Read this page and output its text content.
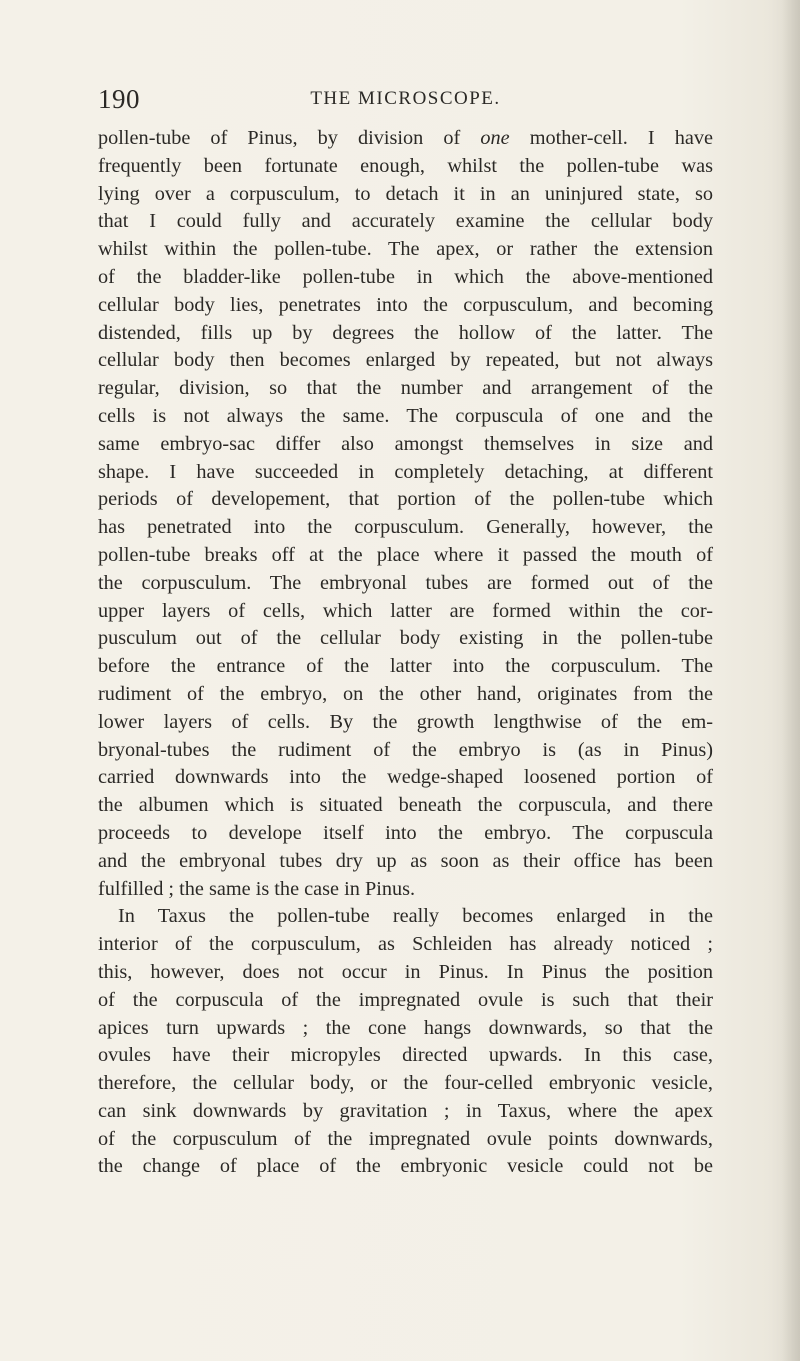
190	THE MICROSCOPE.
pollen-tube of Pinus, by division of one mother-cell. I have
frequently been fortunate enough, whilst the pollen-tube was
lying over a corpusculum, to detach it in an uninjured state, so
that I could fully and accurately examine the cellular body
whilst within the pollen-tube. The apex, or rather the extension
of the bladder-like pollen-tube in which the above-mentioned
cellular body lies, penetrates into the corpusculum, and becoming
distended, fills up by degrees the hollow of the latter. The
cellular body then becomes enlarged by repeated, but not always
regular, division, so that the number and arrangement of the
cells is not always the same. The corpuscula of one and the
same embryo-sac differ also amongst themselves in size and
shape. I have succeeded in completely detaching, at different
periods of developement, that portion of the pollen-tube which
has penetrated into the corpusculum. Generally, however, the
pollen-tube breaks off at the place where it passed the mouth of
the corpusculum. The embryonal tubes are formed out of the
upper layers of cells, which latter are formed within the cor-
pusculum out of the cellular body existing in the pollen-tube
before the entrance of the latter into the corpusculum. The
rudiment of the embryo, on the other hand, originates from the
lower layers of cells. By the growth lengthwise of the em-
bryonal-tubes the rudiment of the embryo is (as in Pinus)
carried downwards into the wedge-shaped loosened portion of
the albumen which is situated beneath the corpuscula, and there
proceeds to develope itself into the embryo. The corpuscula
and the embryonal tubes dry up as soon as their office has been
fulfilled ; the same is the case in Pinus.
In Taxus the pollen-tube really becomes enlarged in the
interior of the corpusculum, as Schleiden has already noticed ;
this, however, does not occur in Pinus. In Pinus the position
of the corpuscula of the impregnated ovule is such that their
apices turn upwards ; the cone hangs downwards, so that the
ovules have their micropyles directed upwards. In this case,
therefore, the cellular body, or the four-celled embryonic vesicle,
can sink downwards by gravitation ; in Taxus, where the apex
of the corpusculum of the impregnated ovule points downwards,
the change of place of the embryonic vesicle could not be
